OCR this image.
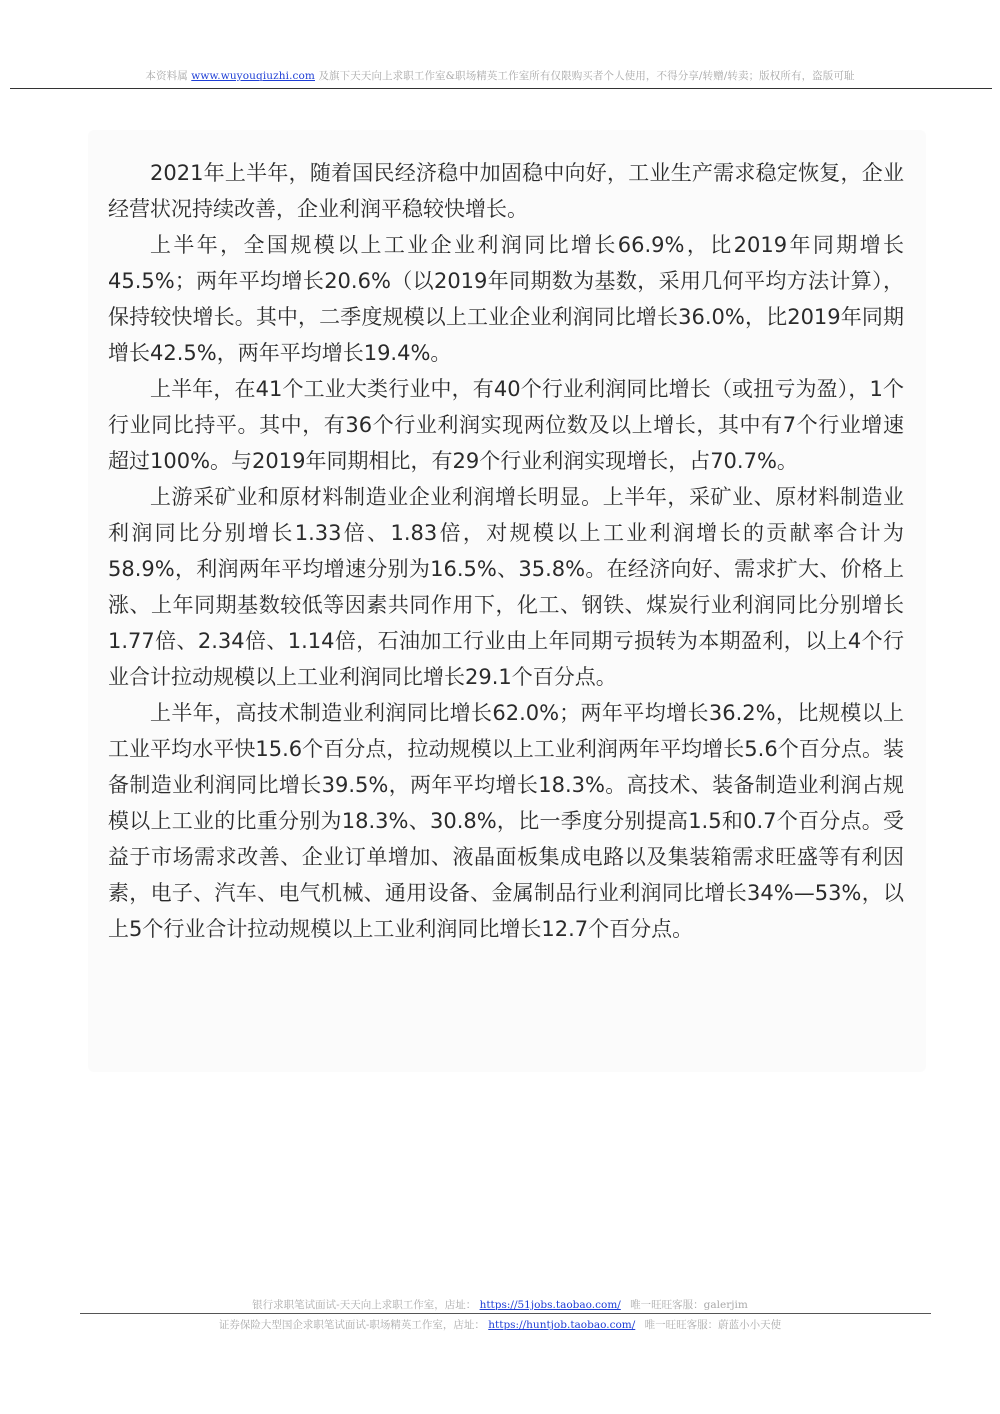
本资料属 www.wuyouqiuzhi.com 及旗下天天向上求职工作室&职场精英工作室所有仅限购买者个人使用，不得分享/转赠/转卖；版权所有，盗版可耻

2021年上半年，随着国民经济稳中加固稳中向好，工业生产需求稳定恢复，企业经营状况持续改善，企业利润平稳较快增长。

上半年，全国规模以上工业企业利润同比增长66.9%，比2019年同期增长45.5%；两年平均增长20.6%（以2019年同期数为基数，采用几何平均方法计算），保持较快增长。其中，二季度规模以上工业企业利润同比增长36.0%，比2019年同期增长42.5%，两年平均增长19.4%。

上半年，在41个工业大类行业中，有40个行业利润同比增长（或扭亏为盈），1个行业同比持平。其中，有36个行业利润实现两位数及以上增长，其中有7个行业增速超过100%。与2019年同期相比，有29个行业利润实现增长，占70.7%。

上游采矿业和原材料制造业企业利润增长明显。上半年，采矿业、原材料制造业利润同比分别增长1.33倍、1.83倍，对规模以上工业利润增长的贡献率合计为58.9%，利润两年平均增速分别为16.5%、35.8%。在经济向好、需求扩大、价格上涨、上年同期基数较低等因素共同作用下，化工、钢铁、煤炭行业利润同比分别增长1.77倍、2.34倍、1.14倍，石油加工行业由上年同期亏损转为本期盈利，以上4个行业合计拉动规模以上工业利润同比增长29.1个百分点。

上半年，高技术制造业利润同比增长62.0%；两年平均增长36.2%，比规模以上工业平均水平快15.6个百分点，拉动规模以上工业利润两年平均增长5.6个百分点。装备制造业利润同比增长39.5%，两年平均增长18.3%。高技术、装备制造业利润占规模以上工业的比重分别为18.3%、30.8%，比一季度分别提高1.5和0.7个百分点。受益于市场需求改善、企业订单增加、液晶面板集成电路以及集装箱需求旺盛等有利因素，电子、汽车、电气机械、通用设备、金属制品行业利润同比增长34%—53%，以上5个行业合计拉动规模以上工业利润同比增长12.7个百分点。

银行求职笔试面试-天天向上求职工作室，店址： https://51jobs.taobao.com/ 唯一旺旺客服：galerjim
证券保险大型国企求职笔试面试-职场精英工作室，店址： https://huntjob.taobao.com/ 唯一旺旺客服：蔚蓝小小天使
